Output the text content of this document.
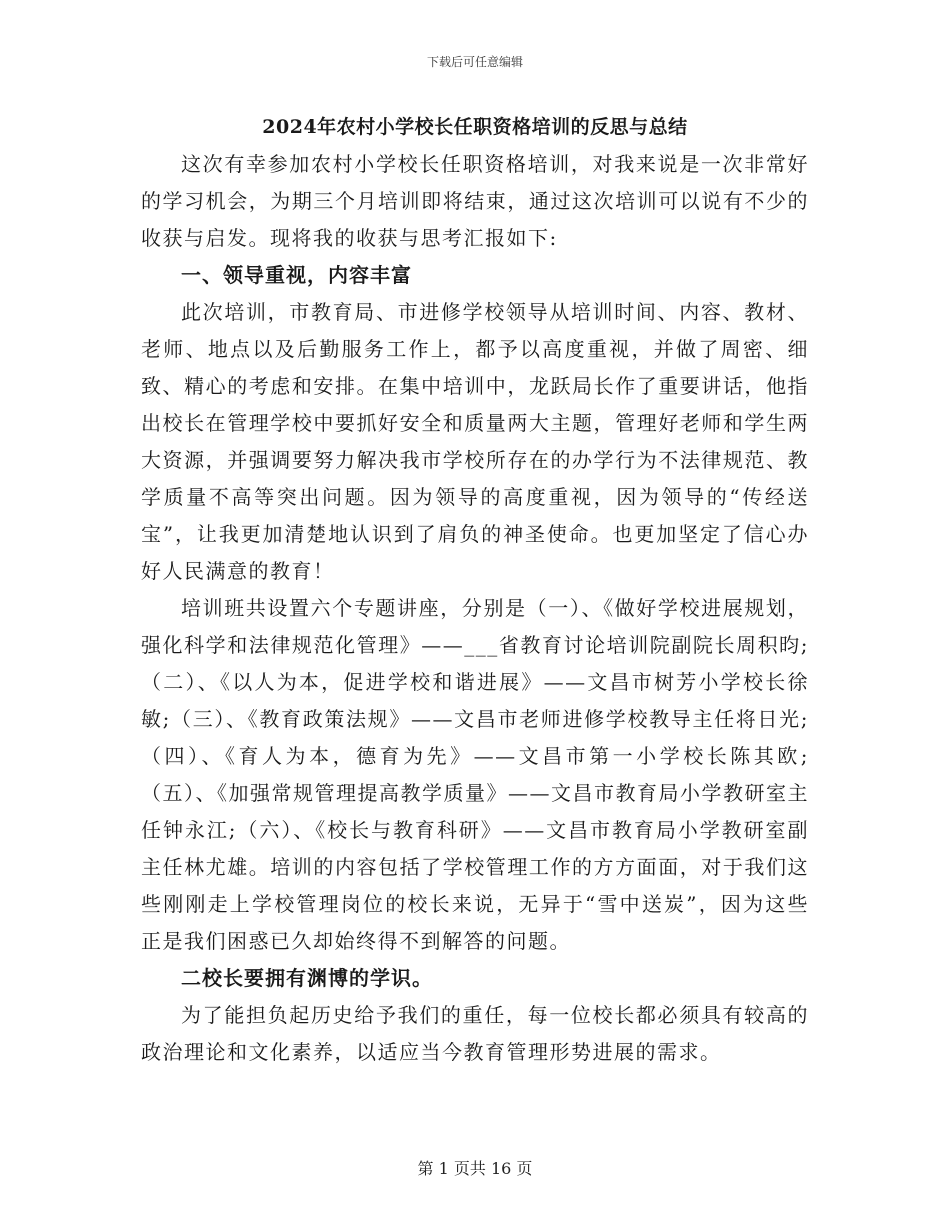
下载后可任意编辑
2024年农村小学校长任职资格培训的反思与总结

这次有幸参加农村小学校长任职资格培训，对我来说是一次非常好的学习机会，为期三个月培训即将结束，通过这次培训可以说有不少的收获与启发。现将我的收获与思考汇报如下:

一、领导重视，内容丰富

此次培训，市教育局、市进修学校领导从培训时间、内容、教材、老师、地点以及后勤服务工作上，都予以高度重视，并做了周密、细致、精心的考虑和安排。在集中培训中，龙跃局长作了重要讲话，他指出校长在管理学校中要抓好安全和质量两大主题，管理好老师和学生两大资源，并强调要努力解决我市学校所存在的办学行为不法律规范、教学质量不高等突出问题。因为领导的高度重视，因为领导的“传经送宝”，让我更加清楚地认识到了肩负的神圣使命。也更加坚定了信心办好人民满意的教育！

培训班共设置六个专题讲座，分别是（一）、《做好学校进展规划，强化科学和法律规范化管理》——___省教育讨论培训院副院长周积昀;（二）、《以人为本，促进学校和谐进展》——文昌市树芳小学校长徐敏;（三）、《教育政策法规》——文昌市老师进修学校教导主任将日光;（四）、《育人为本，德育为先》——文昌市第一小学校长陈其欧;（五）、《加强常规管理提高教学质量》——文昌市教育局小学教研室主任钟永江;（六）、《校长与教育科研》——文昌市教育局小学教研室副主任林尤雄。培训的内容包括了学校管理工作的方方面面，对于我们这些刚刚走上学校管理岗位的校长来说，无异于“雪中送炭”，因为这些正是我们困惑已久却始终得不到解答的问题。

二校长要拥有渊博的学识。

为了能担负起历史给予我们的重任，每一位校长都必须具有较高的政治理论和文化素养，以适应当今教育管理形势进展的需求。

第 1 页共 16 页
